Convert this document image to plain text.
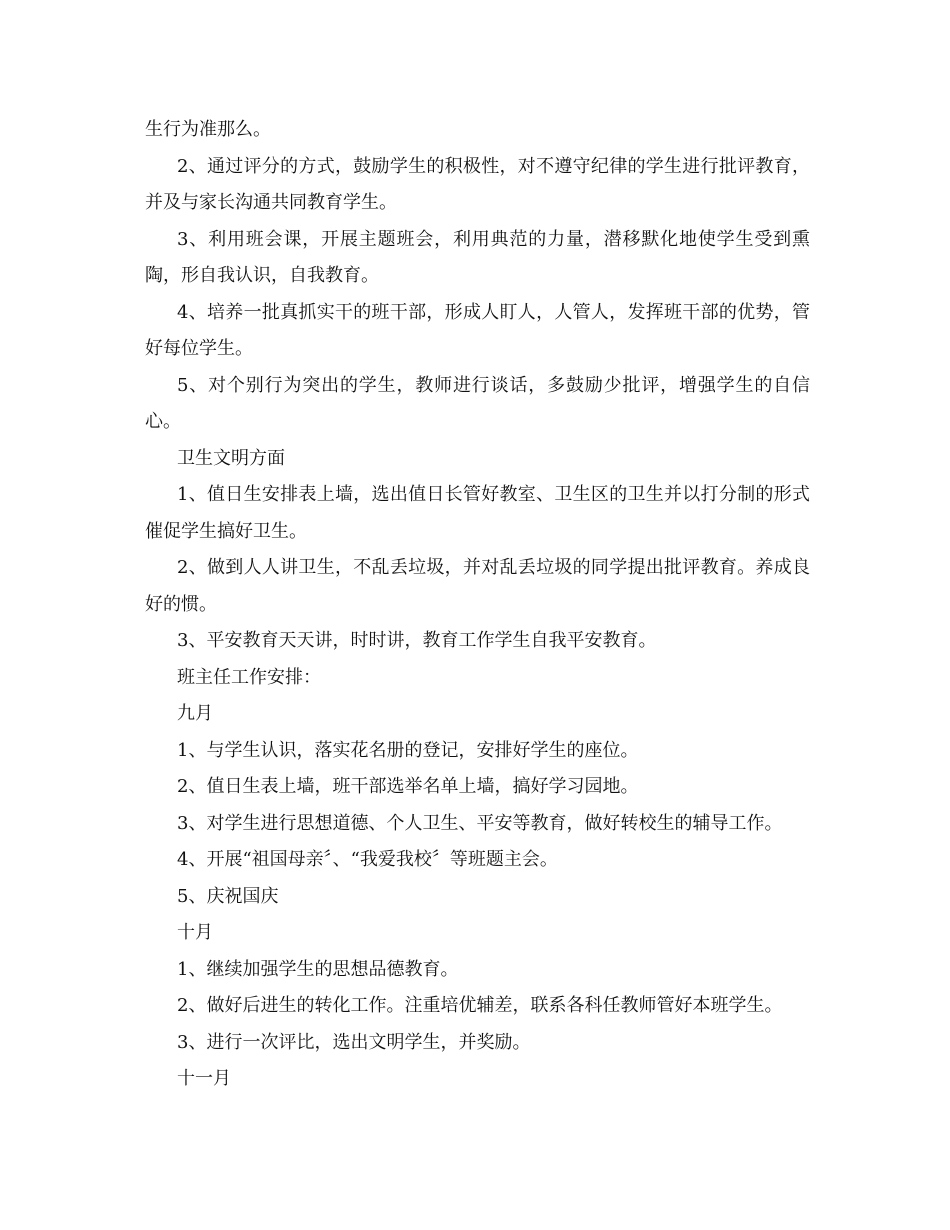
生行为准那么。

2、通过评分的方式，鼓励学生的积极性，对不遵守纪律的学生进行批评教育，并及与家长沟通共同教育学生。

3、利用班会课，开展主题班会，利用典范的力量，潜移默化地使学生受到熏陶，形自我认识，自我教育。

4、培养一批真抓实干的班干部，形成人盯人，人管人，发挥班干部的优势，管好每位学生。

5、对个别行为突出的学生，教师进行谈话，多鼓励少批评，增强学生的自信心。

卫生文明方面

1、值日生安排表上墙，选出值日长管好教室、卫生区的卫生并以打分制的形式催促学生搞好卫生。

2、做到人人讲卫生，不乱丢垃圾，并对乱丢垃圾的同学提出批评教育。养成良好的惯。

3、平安教育天天讲，时时讲，教育工作学生自我平安教育。

班主任工作安排：

九月

1、与学生认识，落实花名册的登记，安排好学生的座位。

2、值日生表上墙，班干部选举名单上墙，搞好学习园地。

3、对学生进行思想道德、个人卫生、平安等教育，做好转校生的辅导工作。

4、开展“祖国母亲〞、“我爱我校〞等班题主会。

5、庆祝国庆

十月

1、继续加强学生的思想品德教育。

2、做好后进生的转化工作。注重培优辅差，联系各科任教师管好本班学生。

3、进行一次评比，选出文明学生，并奖励。

十一月
